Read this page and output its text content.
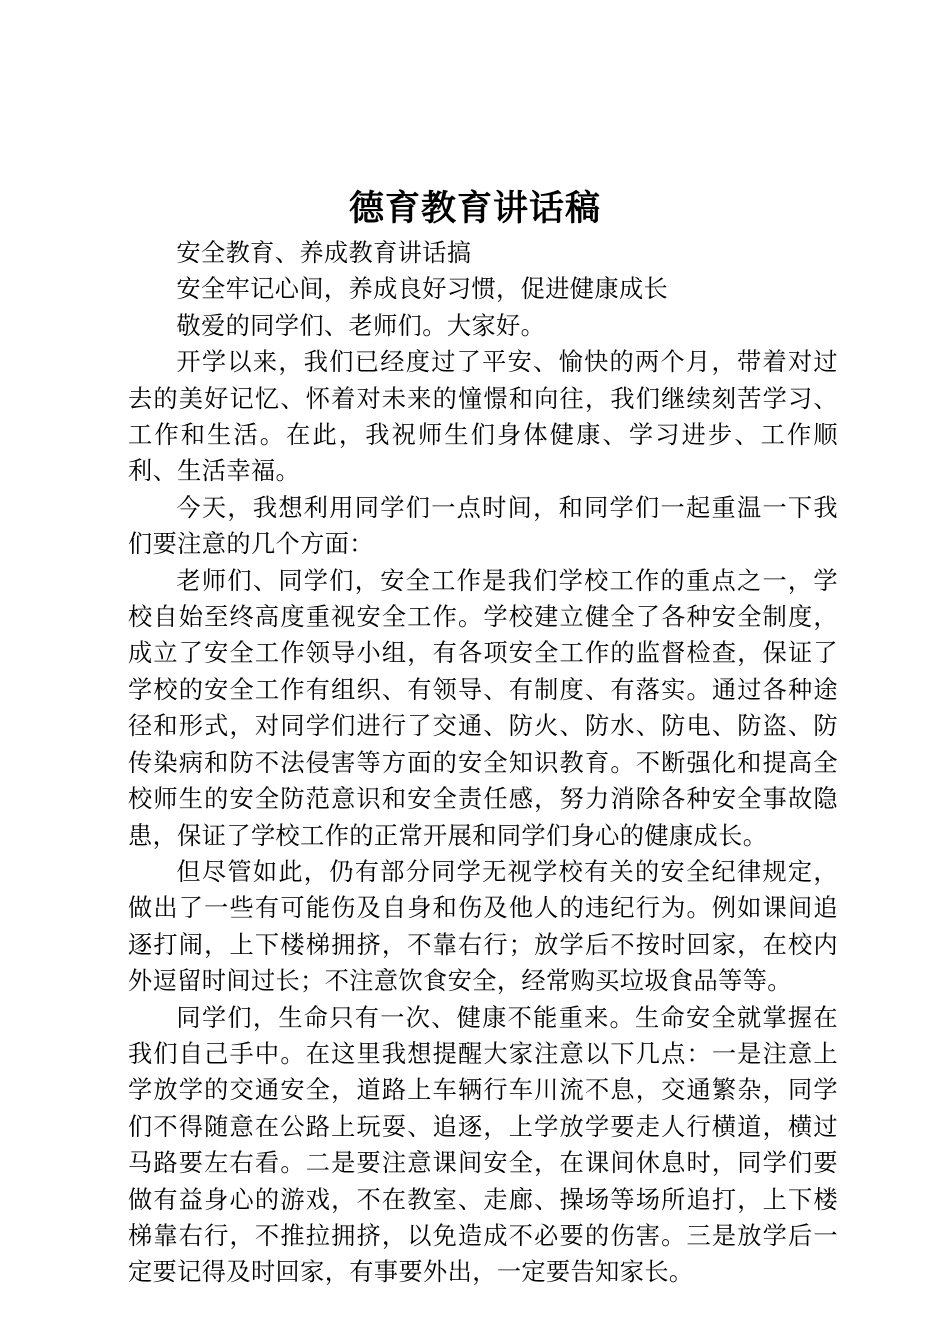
德育教育讲话稿

安全教育、养成教育讲话搞

安全牢记心间，养成良好习惯，促进健康成长

敬爱的同学们、老师们。大家好。

开学以来，我们已经度过了平安、愉快的两个月，带着对过去的美好记忆、怀着对未来的憧憬和向往，我们继续刻苦学习、工作和生活。在此，我祝师生们身体健康、学习进步、工作顺利、生活幸福。

今天，我想利用同学们一点时间，和同学们一起重温一下我们要注意的几个方面：

老师们、同学们，安全工作是我们学校工作的重点之一，学校自始至终高度重视安全工作。学校建立健全了各种安全制度，成立了安全工作领导小组，有各项安全工作的监督检查，保证了学校的安全工作有组织、有领导、有制度、有落实。通过各种途径和形式，对同学们进行了交通、防火、防水、防电、防盗、防传染病和防不法侵害等方面的安全知识教育。不断强化和提高全校师生的安全防范意识和安全责任感，努力消除各种安全事故隐患，保证了学校工作的正常开展和同学们身心的健康成长。

但尽管如此，仍有部分同学无视学校有关的安全纪律规定，做出了一些有可能伤及自身和伤及他人的违纪行为。例如课间追逐打闹，上下楼梯拥挤，不靠右行；放学后不按时回家，在校内外逗留时间过长；不注意饮食安全，经常购买垃圾食品等等。

同学们，生命只有一次、健康不能重来。生命安全就掌握在我们自己手中。在这里我想提醒大家注意以下几点：一是注意上学放学的交通安全，道路上车辆行车川流不息，交通繁杂，同学们不得随意在公路上玩耍、追逐，上学放学要走人行横道，横过马路要左右看。二是要注意课间安全，在课间休息时，同学们要做有益身心的游戏，不在教室、走廊、操场等场所追打，上下楼梯靠右行，不推拉拥挤，以免造成不必要的伤害。三是放学后一定要记得及时回家，有事要外出，一定要告知家长。
